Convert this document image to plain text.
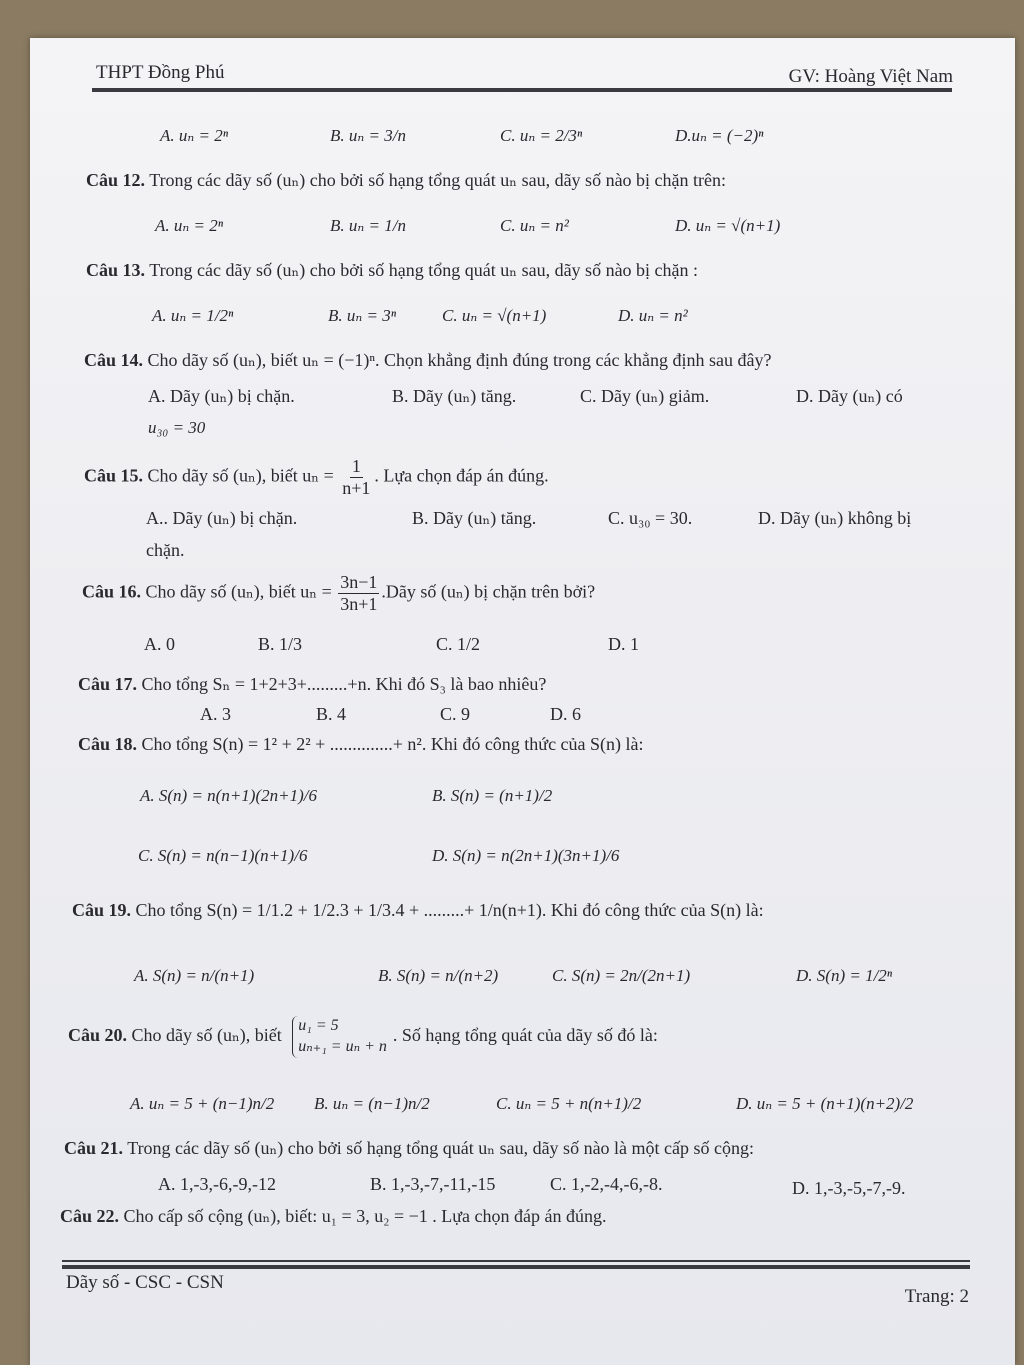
THPT Đồng Phú	GV: Hoàng Việt Nam
A. uₙ = 2ⁿ	B. uₙ = 3/n	C. uₙ = 2/3ⁿ	D.uₙ = (−2)ⁿ
Câu 12. Trong các dãy số (uₙ) cho bởi số hạng tổng quát uₙ sau, dãy số nào bị chặn trên:
A. uₙ = 2ⁿ	B. uₙ = 1/n	C. uₙ = n²	D. uₙ = √(n+1)
Câu 13. Trong các dãy số (uₙ) cho bởi số hạng tổng quát uₙ sau, dãy số nào bị chặn :
A. uₙ = 1/2ⁿ	B. uₙ = 3ⁿ	C. uₙ = √(n+1)	D. uₙ = n²
Câu 14. Cho dãy số (uₙ), biết uₙ = (−1)ⁿ. Chọn khẳng định đúng trong các khẳng định sau đây?
A. Dãy (uₙ) bị chặn.	B. Dãy (uₙ) tăng.	C. Dãy (uₙ) giảm.	D. Dãy (uₙ) có
u₃₀ = 30
Câu 15. Cho dãy số (uₙ), biết $u_n = \frac{1}{n+1}$ . Lựa chọn đáp án đúng.
A.. Dãy (uₙ) bị chặn.	B. Dãy (uₙ) tăng.	C. u₃₀ = 30.	D. Dãy (uₙ) không bị
chặn.
Câu 16. Cho dãy số (uₙ), biết $u_n = \frac{3n-1}{3n+1}$ .Dãy số (uₙ) bị chặn trên bởi?
A. 0	B. 1/3	C. 1/2	D. 1
Câu 17. Cho tổng Sₙ = 1+2+3+.........+n. Khi đó S₃ là bao nhiêu?
A. 3	B. 4	C. 9	D. 6
Câu 18. Cho tổng S(n) = 1² + 2² + ..............+ n². Khi đó công thức của S(n) là:
A. S(n) = n(n+1)(2n+1)/6	B. S(n) = (n+1)/2
C. S(n) = n(n−1)(n+1)/6	D. S(n) = n(2n+1)(3n+1)/6
Câu 19. Cho tổng S(n) = 1/1.2 + 1/2.3 + 1/3.4 + .........+ 1/n(n+1). Khi đó công thức của S(n) là:
A. S(n) = n/(n+1)	B. S(n) = n/(n+2)	C. S(n) = 2n/(2n+1)	D. S(n) = 1/2ⁿ
Câu 20. Cho dãy số (uₙ), biết u₁ = 5
uₙ₊₁ = uₙ + n
. Số hạng tổng quát của dãy số đó là:
A. uₙ = 5 + (n−1)n/2 B. uₙ = (n−1)n/2	C. uₙ = 5 + n(n+1)/2	D. uₙ = 5 + (n+1)(n+2)/2
Câu 21. Trong các dãy số (uₙ) cho bởi số hạng tổng quát uₙ sau, dãy số nào là một cấp số cộng:
A. 1,-3,-6,-9,-12	B. 1,-3,-7,-11,-15	C. 1,-2,-4,-6,-8.	D. 1,-3,-5,-7,-9.
Câu 22. Cho cấp số cộng (uₙ), biết: u₁ = 3, u₂ = −1 . Lựa chọn đáp án đúng.
Dãy số - CSC - CSN
Trang: 2
